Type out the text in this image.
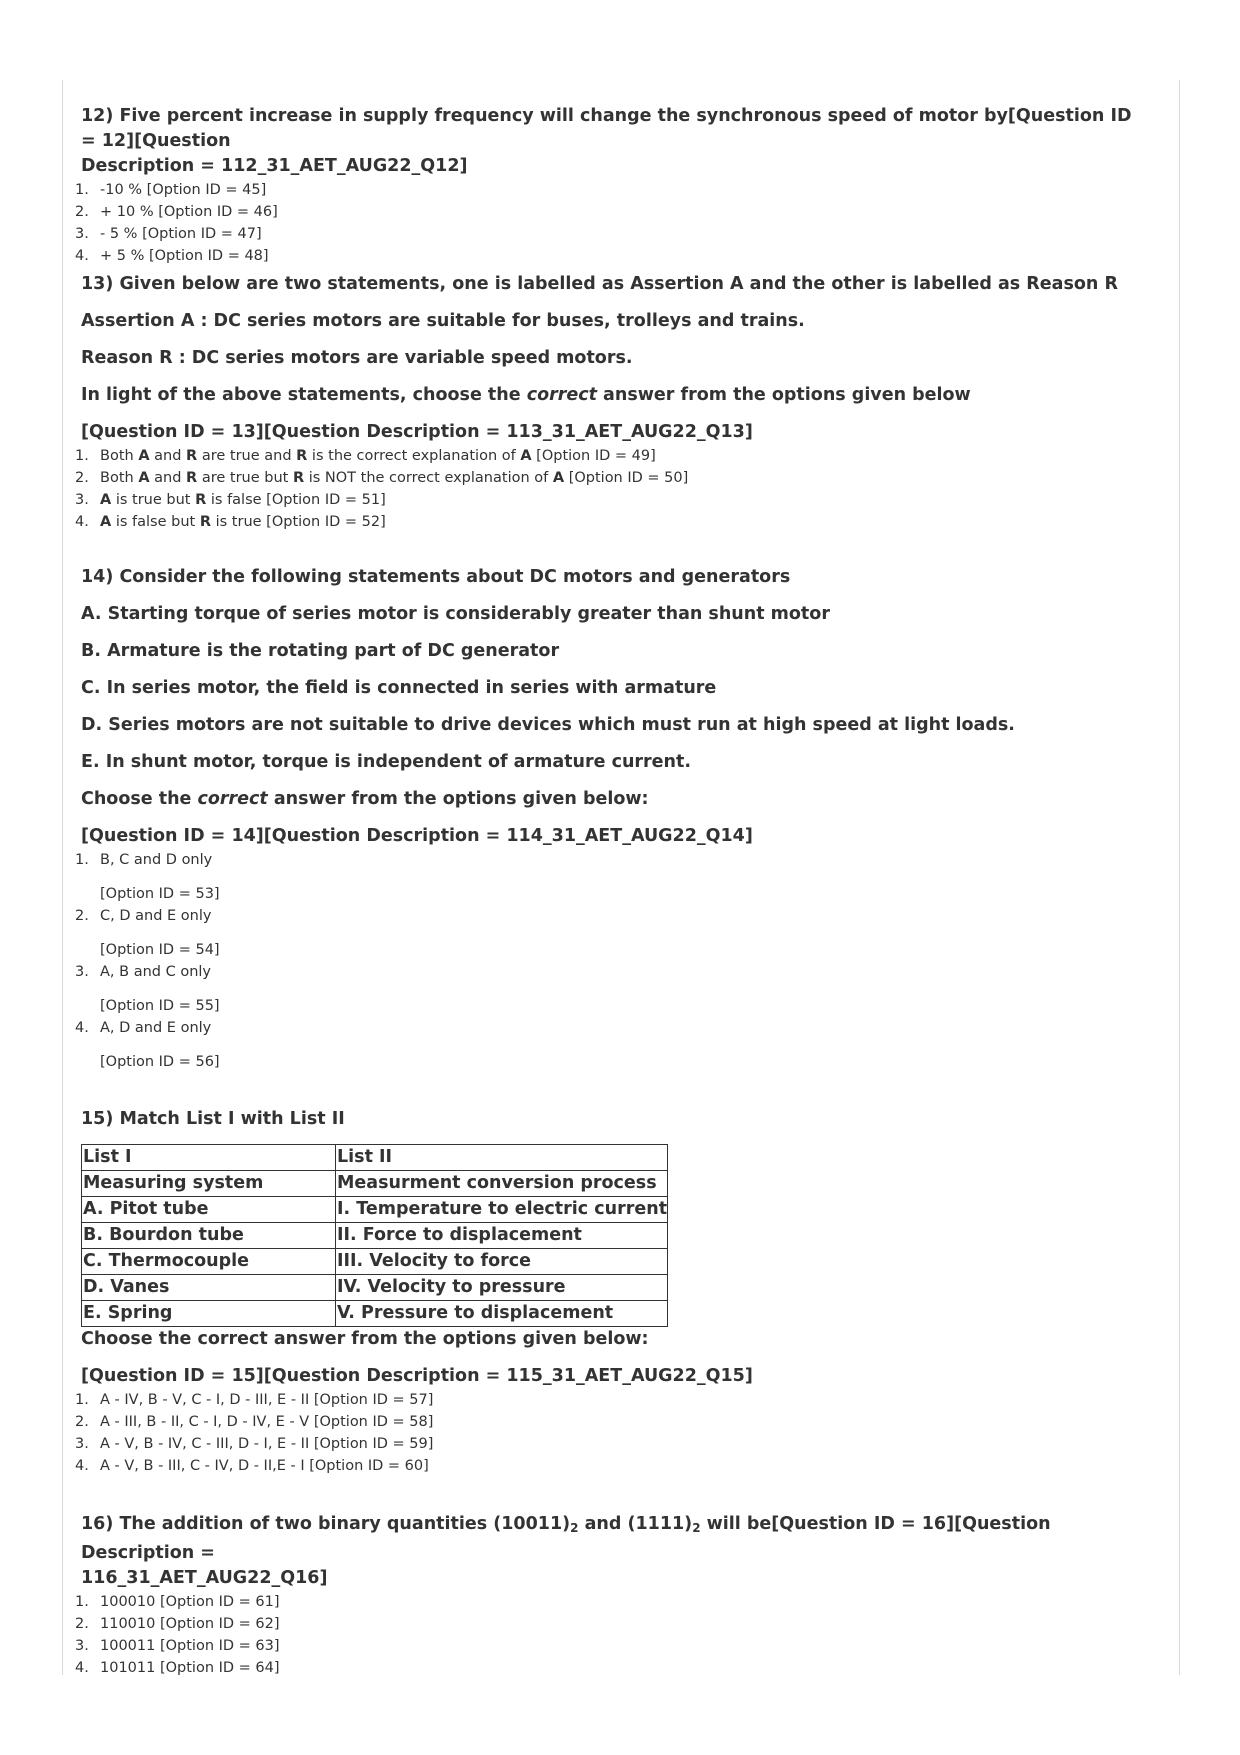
12) Five percent increase in supply frequency will change the synchronous speed of motor by[Question ID = 12][Question
Description = 112_31_AET_AUG22_Q12]

1. -10 % [Option ID = 45]
2. + 10 % [Option ID = 46]
3. - 5 % [Option ID = 47]
4. + 5 % [Option ID = 48]

13) Given below are two statements, one is labelled as Assertion A and the other is labelled as Reason R

Assertion A : DC series motors are suitable for buses, trolleys and trains.

Reason R : DC series motors are variable speed motors.

In light of the above statements, choose the correct answer from the options given below

[Question ID = 13][Question Description = 113_31_AET_AUG22_Q13]

1. Both A and R are true and R is the correct explanation of A [Option ID = 49]
2. Both A and R are true but R is NOT the correct explanation of A [Option ID = 50]
3. A is true but R is false [Option ID = 51]
4. A is false but R is true [Option ID = 52]

14) Consider the following statements about DC motors and generators

A. Starting torque of series motor is considerably greater than shunt motor

B. Armature is the rotating part of DC generator

C. In series motor, the field is connected in series with armature

D. Series motors are not suitable to drive devices which must run at high speed at light loads.

E. In shunt motor, torque is independent of armature current.

Choose the correct answer from the options given below:

[Question ID = 14][Question Description = 114_31_AET_AUG22_Q14]

1. B, C and D only
[Option ID = 53]
2. C, D and E only
[Option ID = 54]
3. A, B and C only
[Option ID = 55]
4. A, D and E only
[Option ID = 56]

15) Match List I with List II

List I	List II
Measuring system	Measurment conversion process
A. Pitot tube	I. Temperature to electric current
B. Bourdon tube	II. Force to displacement
C. Thermocouple	III. Velocity to force
D. Vanes	IV. Velocity to pressure
E. Spring	V. Pressure to displacement

Choose the correct answer from the options given below:

[Question ID = 15][Question Description = 115_31_AET_AUG22_Q15]

1. A - IV, B - V, C - I, D - III, E - II [Option ID = 57]
2. A - III, B - II, C - I, D - IV, E - V [Option ID = 58]
3. A - V, B - IV, C - III, D - I, E - II [Option ID = 59]
4. A - V, B - III, C - IV, D - II,E - I [Option ID = 60]

16) The addition of two binary quantities $(10011)_2$ and $(1111)_2$ will be[Question ID = 16][Question Description =
116_31_AET_AUG22_Q16]

1. 100010 [Option ID = 61]
2. 110010 [Option ID = 62]
3. 100011 [Option ID = 63]
4. 101011 [Option ID = 64]
